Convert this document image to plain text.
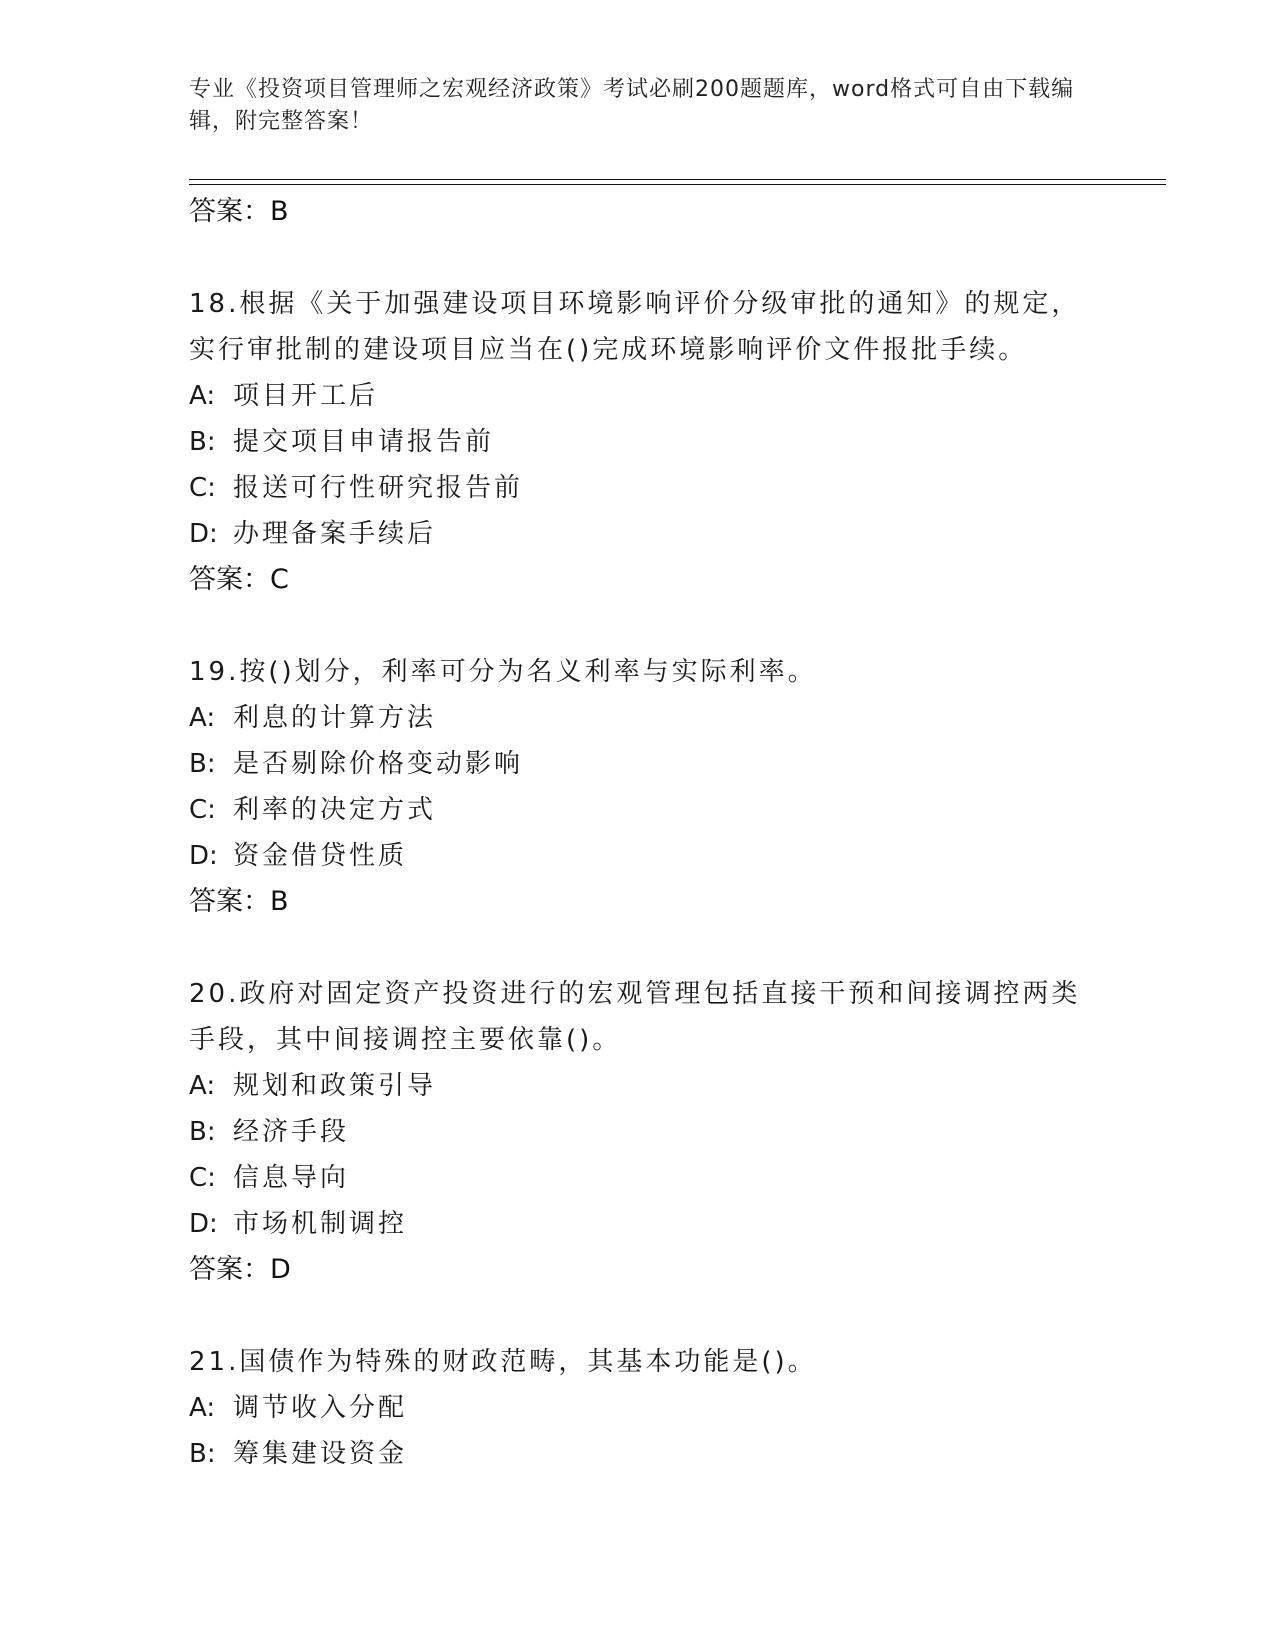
专业《投资项目管理师之宏观经济政策》考试必刷200题题库，word格式可自由下载编辑，附完整答案！
答案：B
18.根据《关于加强建设项目环境影响评价分级审批的通知》的规定，实行审批制的建设项目应当在()完成环境影响评价文件报批手续。
A: 项目开工后
B: 提交项目申请报告前
C: 报送可行性研究报告前
D: 办理备案手续后
答案：C
19.按()划分，利率可分为名义利率与实际利率。
A: 利息的计算方法
B: 是否剔除价格变动影响
C: 利率的决定方式
D: 资金借贷性质
答案：B
20.政府对固定资产投资进行的宏观管理包括直接干预和间接调控两类手段，其中间接调控主要依靠()。
A: 规划和政策引导
B: 经济手段
C: 信息导向
D: 市场机制调控
答案：D
21.国债作为特殊的财政范畴，其基本功能是()。
A: 调节收入分配
B: 筹集建设资金
